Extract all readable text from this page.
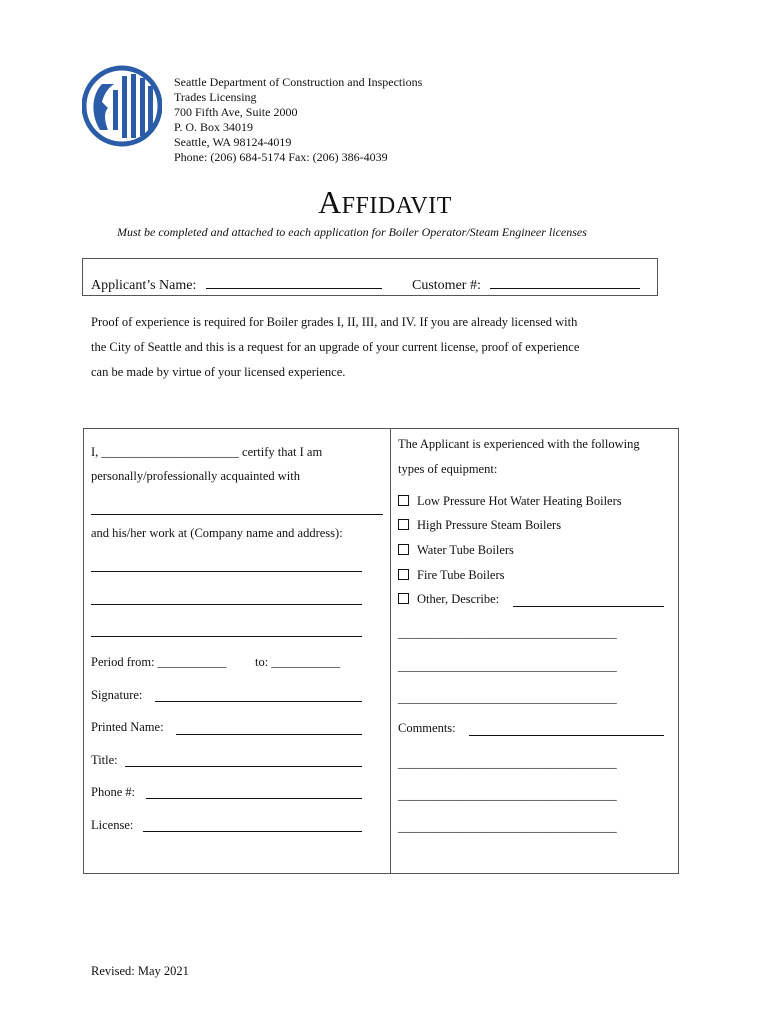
Seattle Department of Construction and Inspections
Trades Licensing
700 Fifth Ave, Suite 2000
P. O. Box 34019
Seattle, WA 98124-4019
Phone: (206) 684-5174 Fax: (206) 386-4039
AFFIDAVIT
Must be completed and attached to each application for Boiler Operator/Steam Engineer licenses
Applicant’s Name:	Customer #:
Proof of experience is required for Boiler grades I, II, III, and IV. If you are already licensed with
the City of Seattle and this is a request for an upgrade of your current license, proof of experience
can be made by virtue of your licensed experience.
I, ______________________ certify that I am
personally/professionally acquainted with
and his/her work at (Company name and address):
Period from: ___________ to: ___________
Signature:
Printed Name:
Title:
Phone #:
License:
The Applicant is experienced with the following
types of equipment:
Low Pressure Hot Water Heating Boilers
High Pressure Steam Boilers
Water Tube Boilers
Fire Tube Boilers
Other, Describe:
___________________________________
___________________________________
___________________________________
Comments:
___________________________________
___________________________________
___________________________________
Revised: May 2021
